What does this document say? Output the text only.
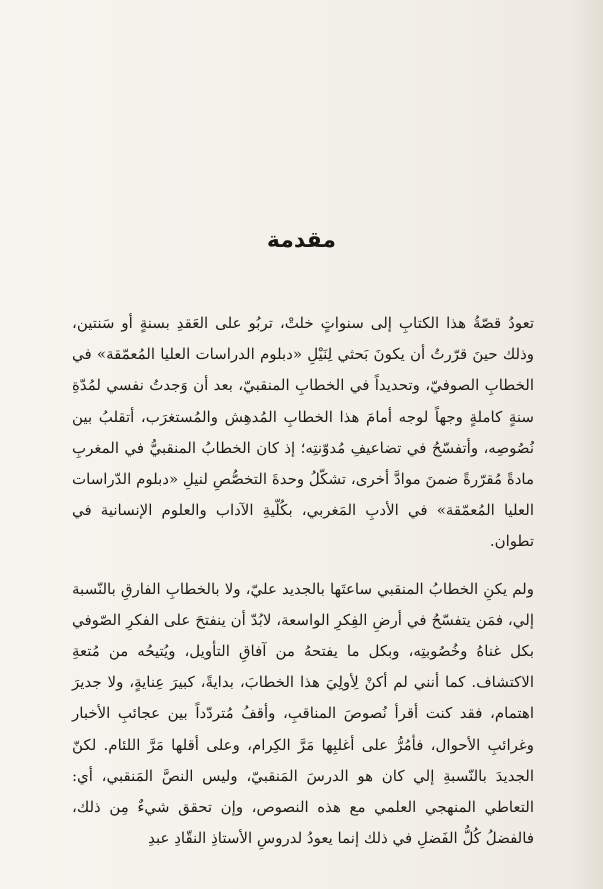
مقدمة

تعودُ قصّةُ هذا الكتابِ إلى سنواتٍ خلتْ، تربُو على العَقدِ بسنةٍ أو سَنتين، وذلك حينَ قرّرتُ أن يكونَ بَحثي لِنَيْلِ «دبلوم الدراسات العليا المُعمّقة» في الخطابِ الصوفيّ، وتحديداً في الخطابِ المنقبيّ، بعد أن وَجدتُ نفسي لمُدّةِ سنةٍ كاملةٍ وجهاً لوجه أمامَ هذا الخطابِ المُدهِش والمُستغرَب، أتقلبُ بين نُصُوصِه، وأتفسّحُ في تضاعيفِ مُدوّنتِه؛ إذ كان الخطابُ المنقبيُّ في المغربِ مادةً مُقرّرةً ضمنَ موادَّ أخرى، تشكّلُ وحدةَ التخصُّصِ لنيلِ «دبلوم الدّراسات العليا المُعمّقة» في الأدبِ المَغربي، بكُلّيةِ الآداب والعلوم الإنسانية في تطوان.

ولم يكنِ الخطابُ المنقبي ساعتَها بالجديد عليّ، ولا بالخطابِ الفارقِ بالنّسبة إلي، فمَن يتفسّحُ في أرضِ الفِكرِ الواسعة، لابُدّ أن ينفتحَ على الفكرِ الصّوفي بكل غناهُ وخُصُوبتِه، وبكل ما يفتحهُ من آفاقِ التأويل، ويُتيحُه من مُتعةِ الاكتشاف. كما أنني لم أكنْ لِأولِيَ هذا الخطابَ، بدايةً، كبيرَ عِنايةٍ، ولا جديرَ اهتمام، فقد كنت أقرأ نُصوصَ المناقبِ، وأقفُ مُتردّداً بين عجائبِ الأخبار وغرائبِ الأحوال، فأمُرُّ على أغلبِها مَرَّ الكِرام، وعلى أقلها مَرَّ اللئام. لكنّ الجديدَ بالنّسبةِ إلي كان هو الدرسَ المَنقبيّ، وليس النصَّ المَنقبي، أي: التعاطي المنهجي العلمي مع هذه النصوص، وإن تحقق شيءٌ مِن ذلك، فالفضلُ كُلُّ الفَضلِ في ذلك إنما يعودُ لدروسِ الأستاذِ النقّادِ عبدِ
